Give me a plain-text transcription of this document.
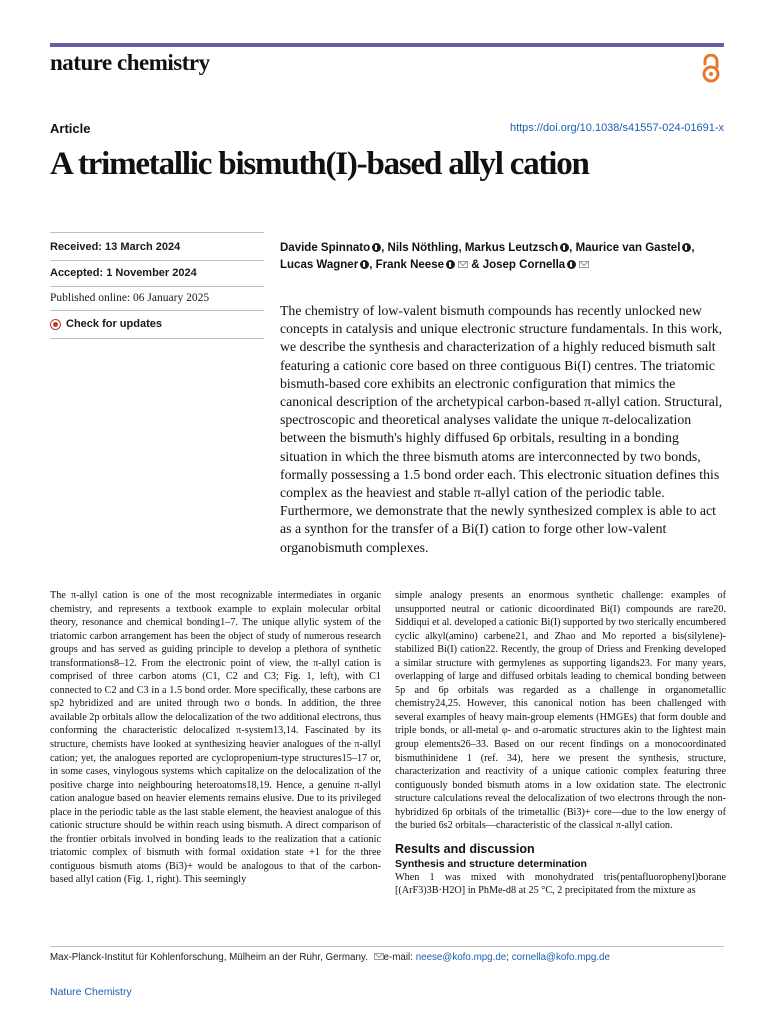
nature chemistry
Article	https://doi.org/10.1038/s41557-024-01691-x
A trimetallic bismuth(I)-based allyl cation
Received: 13 March 2024
Accepted: 1 November 2024
Published online: 06 January 2025
Check for updates
Davide Spinnato , Nils Nöthling, Markus Leutzsch , Maurice van Gastel ,
Lucas Wagner , Frank Neese & Josep Cornella

The chemistry of low-valent bismuth compounds has recently unlocked new concepts in catalysis and unique electronic structure fundamentals. In this work, we describe the synthesis and characterization of a highly reduced bismuth salt featuring a cationic core based on three contiguous Bi(I) centres. The triatomic bismuth-based core exhibits an electronic configuration that mimics the canonical description of the archetypical carbon-based π-allyl cation. Structural, spectroscopic and theoretical analyses validate the unique π-delocalization between the bismuth's highly diffused 6p orbitals, resulting in a bonding situation in which the three bismuth atoms are interconnected by two bonds, formally possessing a 1.5 bond order each. This electronic situation defines this complex as the heaviest and stable π-allyl cation of the periodic table. Furthermore, we demonstrate that the newly synthesized complex is able to act as a synthon for the transfer of a Bi(I) cation to forge other low-valent organobismuth complexes.

The π-allyl cation is one of the most recognizable intermediates in organic chemistry, and represents a textbook example to explain molecular orbital theory, resonance and chemical bonding1–7. The unique allylic system of the triatomic carbon arrangement has been the object of study of numerous research groups and has served as guiding principle to develop a plethora of synthetic transformations8–12. From the electronic point of view, the π-allyl cation is comprised of three carbon atoms (C1, C2 and C3; Fig. 1, left), with C1 connected to C2 and C3 in a 1.5 bond order. More specifically, these carbons are sp2 hybridized and are united through two σ bonds. In addition, the three available 2p orbitals allow the delocalization of the two additional electrons, thus conforming the characteristic delocalized π-system13,14. Fascinated by its structure, chemists have looked at synthesizing heavier analogues of the π-allyl cation; yet, the analogues reported are cyclopropenium-type structures15–17 or, in some cases, vinylogous systems which capitalize on the delocalization of the positive charge into neighbouring heteroatoms18,19. Hence, a genuine π-allyl cation analogue based on heavier elements remains elusive. Due to its privileged place in the periodic table as the last stable element, the heaviest analogue of this cationic structure should be within reach using bismuth. A direct comparison of the frontier orbitals involved in bonding leads to the realization that a cationic triatomic complex of bismuth with formal oxidation state +1 for the three contiguous bismuth atoms (Bi3)+ would be analogous to that of the carbon-based allyl cation (Fig. 1, right). This seemingly

simple analogy presents an enormous synthetic challenge: examples of unsupported neutral or cationic dicoordinated Bi(I) compounds are rare20. Siddiqui et al. developed a cationic Bi(I) supported by two sterically encumbered cyclic alkyl(amino) carbene21, and Zhao and Mo reported a bis(silylene)-stabilized Bi(I) cation22. Recently, the group of Driess and Frenking developed a similar structure with germylenes as supporting ligands23. For many years, overlapping of large and diffused orbitals leading to chemical bonding between 5p and 6p orbitals was regarded as a challenge in organometallic chemistry24,25. However, this canonical notion has been challenged with several examples of heavy main-group elements (HMGEs) that form double and triple bonds, or all-metal φ- and σ-aromatic structures akin to the lightest main group elements26–33. Based on our recent findings on a monocoordinated bismuthinidene 1 (ref. 34), here we present the synthesis, structure, characterization and reactivity of a unique cationic complex featuring three contiguously bonded bismuth atoms in a low oxidation state. The electronic structure calculations reveal the delocalization of two electrons through the non-hybridized 6p orbitals of the trimetallic (Bi3)+ core—due to the low energy of the buried 6s2 orbitals—characteristic of the classical π-allyl cation.

Results and discussion
Synthesis and structure determination

When 1 was mixed with monohydrated tris(pentafluorophenyl)borane [(ArF3)3B·H2O] in PhMe-d8 at 25 °C, 2 precipitated from the mixture as

Max-Planck-Institut für Kohlenforschung, Mülheim an der Ruhr, Germany. e-mail: neese@kofo.mpg.de; cornella@kofo.mpg.de
Nature Chemistry
